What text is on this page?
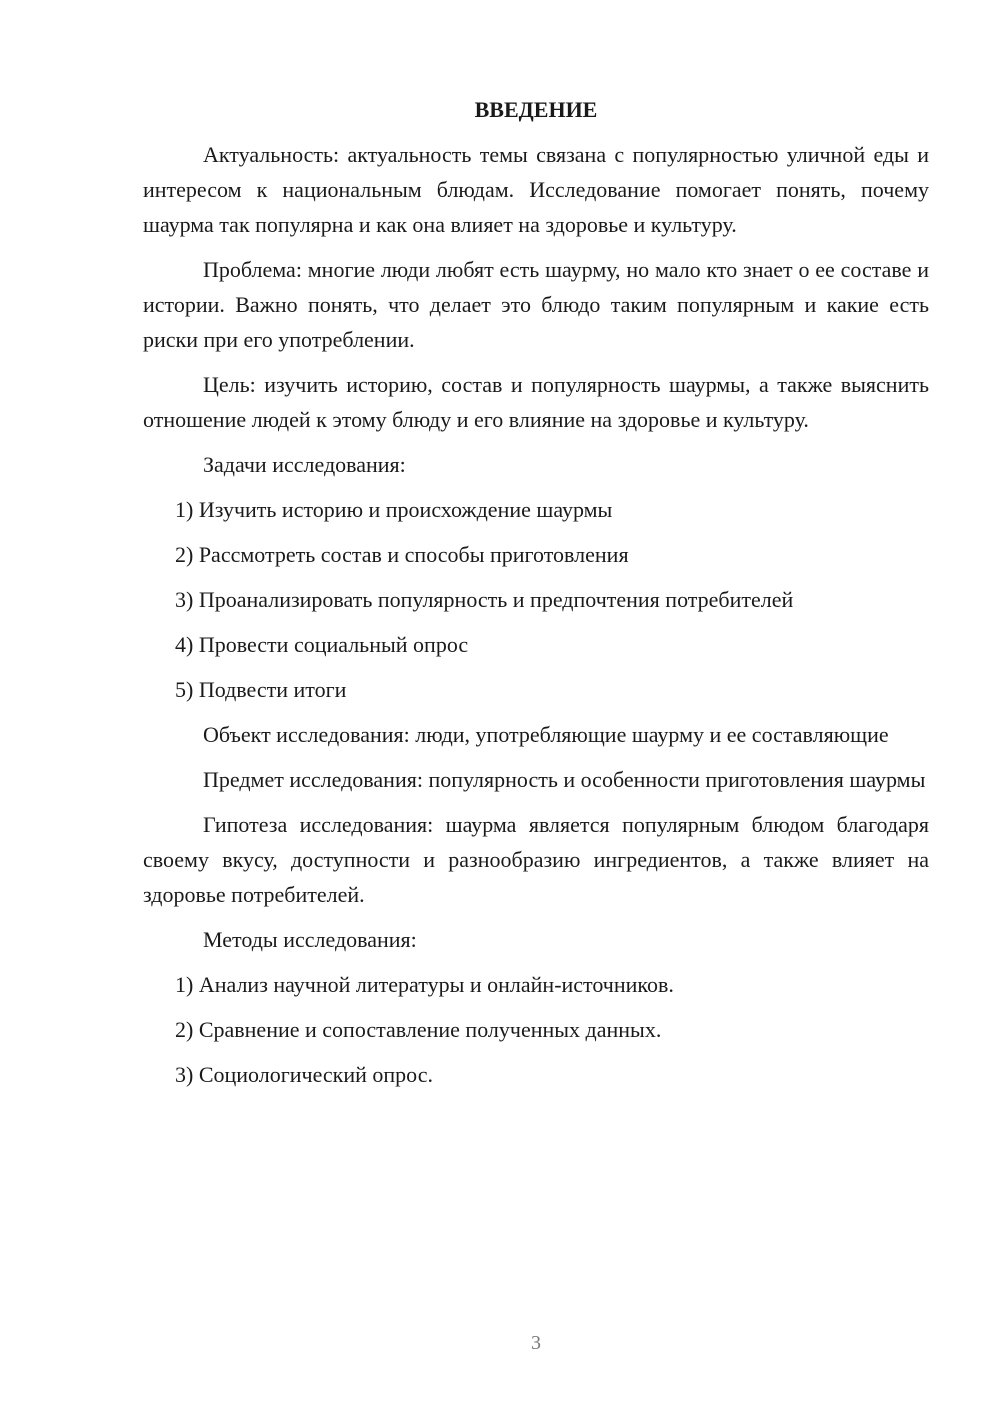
ВВЕДЕНИЕ

Актуальность: актуальность темы связана с популярностью уличной еды и интересом к национальным блюдам. Исследование помогает понять, почему шаурма так популярна и как она влияет на здоровье и культуру.

Проблема: многие люди любят есть шаурму, но мало кто знает о ее составе и истории. Важно понять, что делает это блюдо таким популярным и какие есть риски при его употреблении.

Цель: изучить историю, состав и популярность шаурмы, а также выяснить отношение людей к этому блюду и его влияние на здоровье и культуру.

Задачи исследования:

1) Изучить историю и происхождение шаурмы
2) Рассмотреть состав и способы приготовления
3) Проанализировать популярность и предпочтения потребителей
4) Провести социальный опрос
5) Подвести итоги

Объект исследования: люди, употребляющие шаурму и ее составляющие

Предмет исследования: популярность и особенности приготовления шаурмы

Гипотеза исследования: шаурма является популярным блюдом благодаря своему вкусу, доступности и разнообразию ингредиентов, а также влияет на здоровье потребителей.

Методы исследования:

1) Анализ научной литературы и онлайн-источников.
2) Сравнение и сопоставление полученных данных.
3) Социологический опрос.
3
